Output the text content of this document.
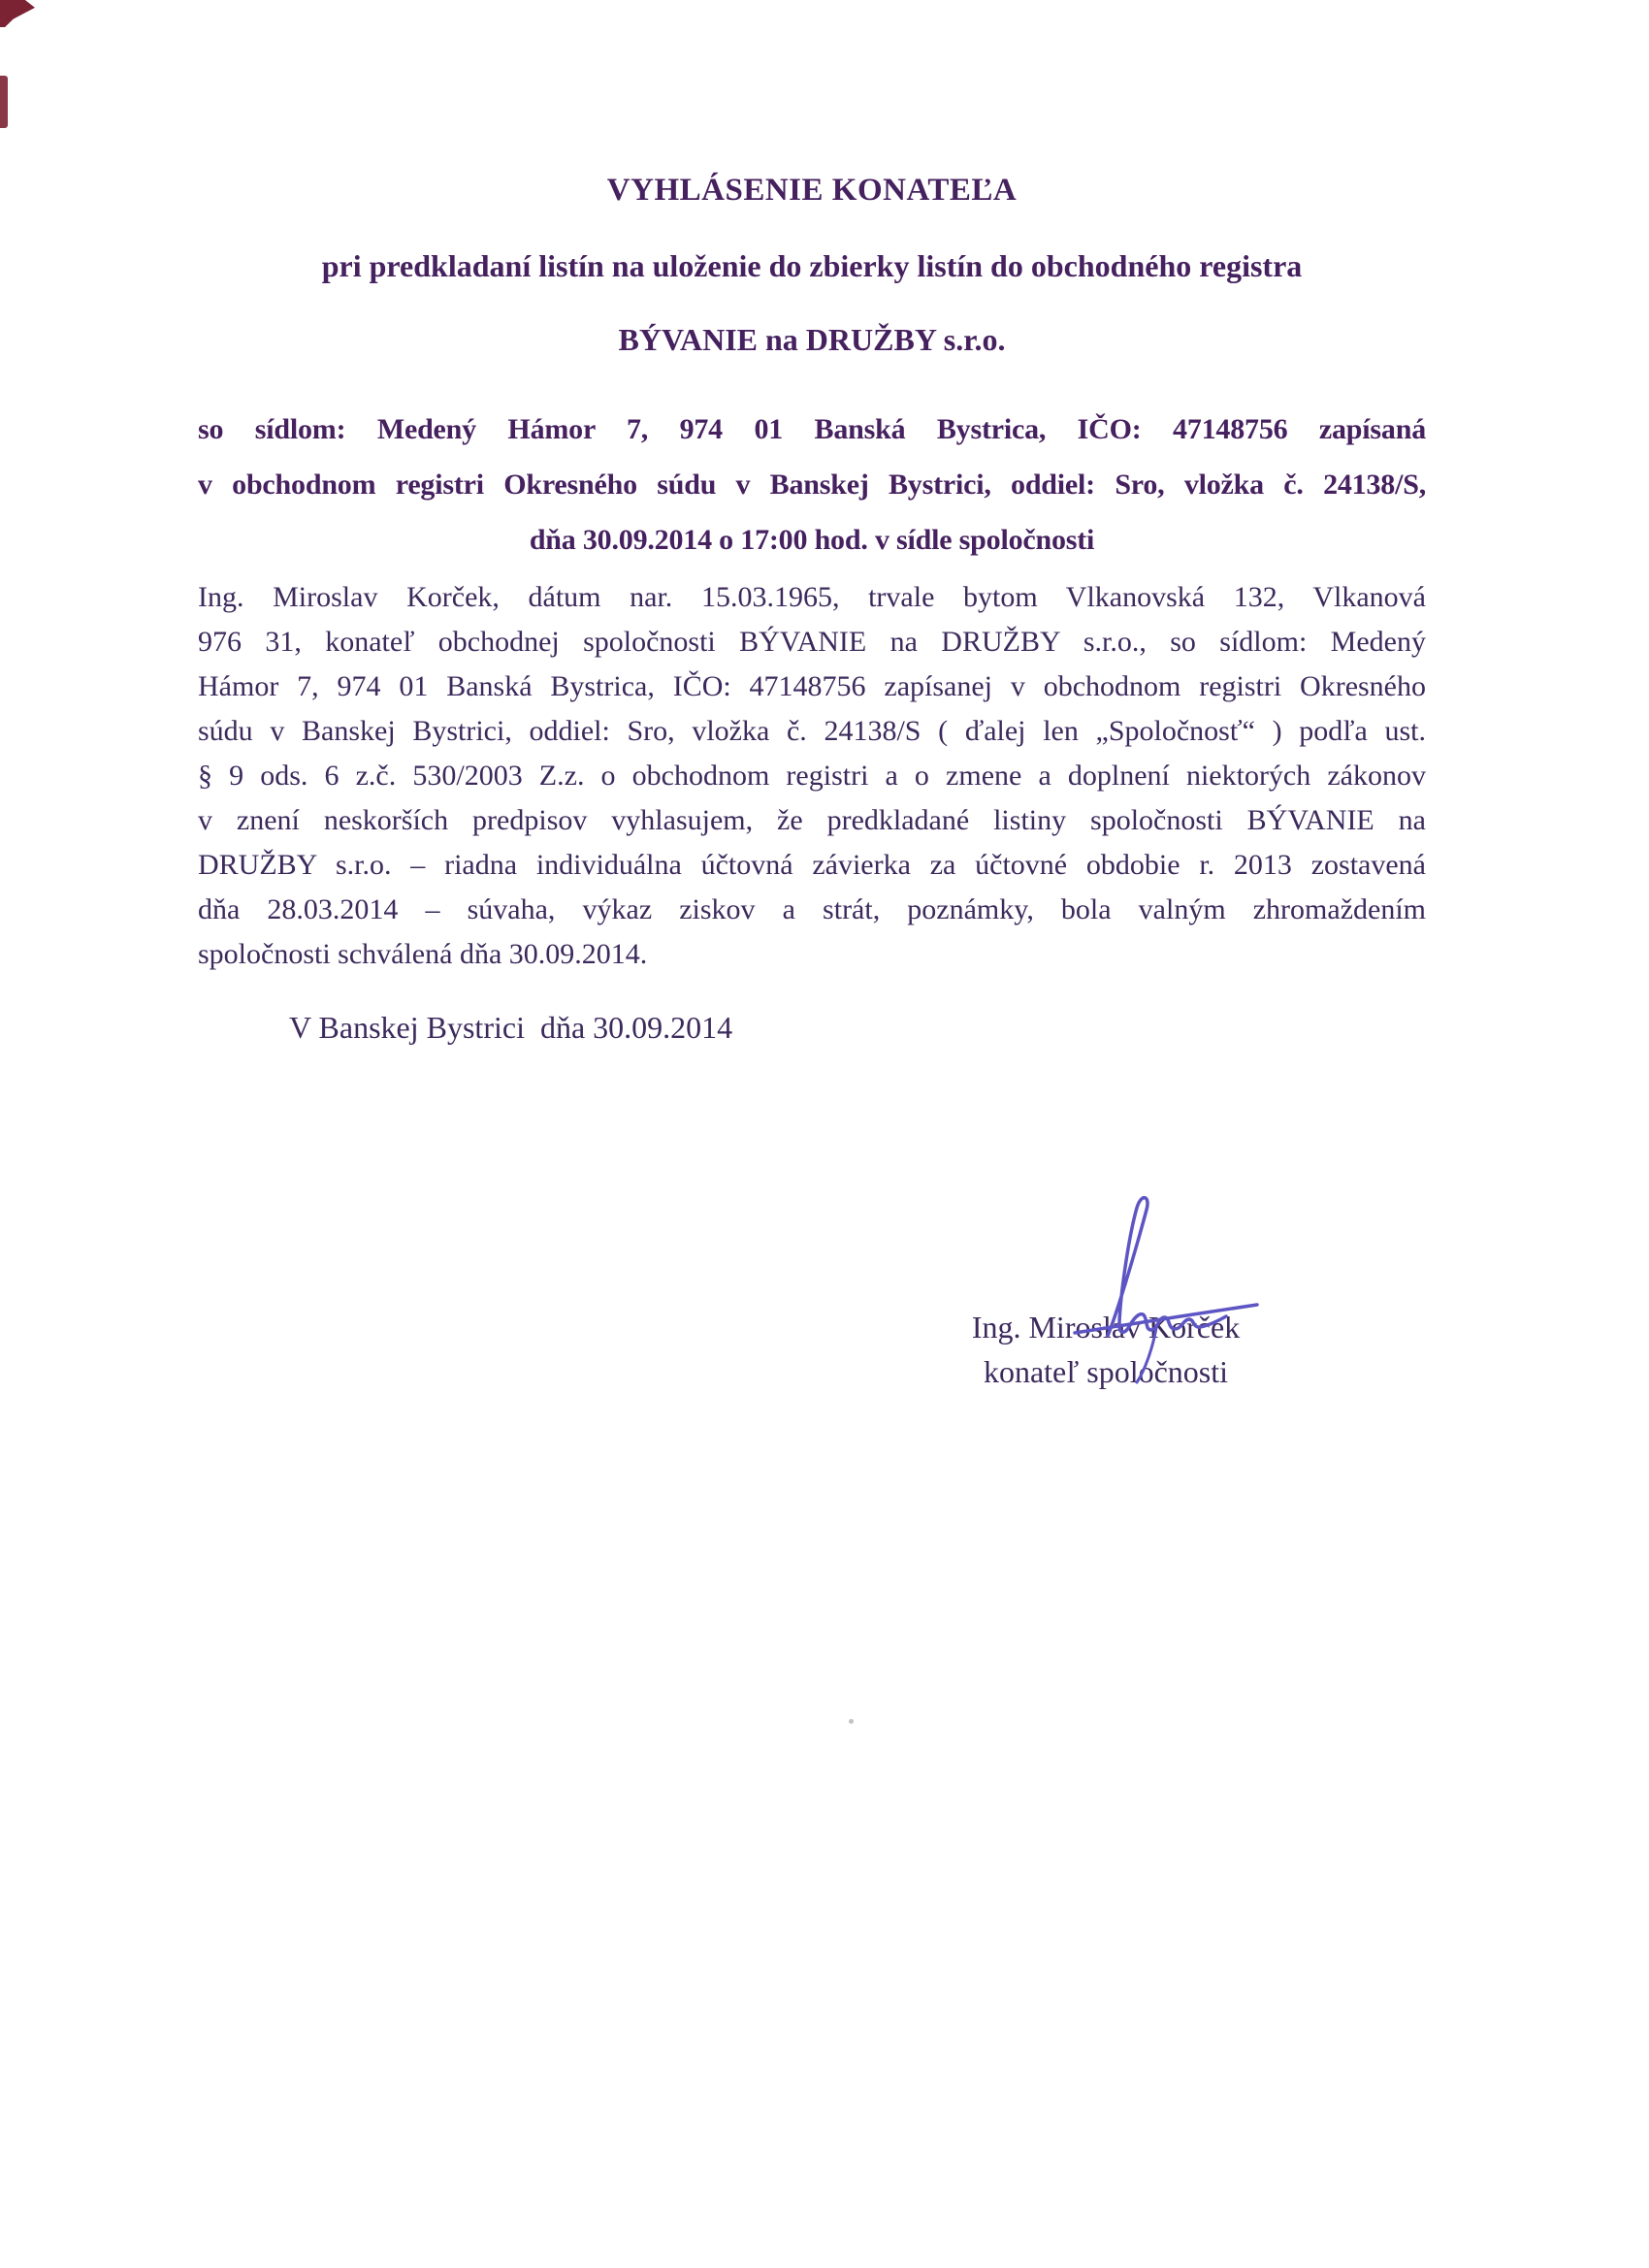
VYHLÁSENIE KONATEĽA
pri predkladaní listín na uloženie do zbierky listín do obchodného registra
BÝVANIE na DRUŽBY s.r.o.
so sídlom: Medený Hámor 7, 974 01 Banská Bystrica, IČO: 47148756 zapísaná
v obchodnom registri Okresného súdu v Banskej Bystrici, oddiel: Sro, vložka č. 24138/S,
dňa 30.09.2014 o 17:00 hod. v sídle spoločnosti
Ing. Miroslav Korček, dátum nar. 15.03.1965, trvale bytom Vlkanovská 132, Vlkanová
976 31, konateľ obchodnej spoločnosti BÝVANIE na DRUŽBY s.r.o., so sídlom: Medený
Hámor 7, 974 01 Banská Bystrica, IČO: 47148756 zapísanej v obchodnom registri Okresného
súdu v Banskej Bystrici, oddiel: Sro, vložka č. 24138/S ( ďalej len „Spoločnosť“ ) podľa ust.
§ 9 ods. 6 z.č. 530/2003 Z.z. o obchodnom registri a o zmene a doplnení niektorých zákonov
v znení neskorších predpisov vyhlasujem, že predkladané listiny spoločnosti BÝVANIE na
DRUŽBY s.r.o. – riadna individuálna účtovná závierka za účtovné obdobie r. 2013 zostavená
dňa 28.03.2014 – súvaha, výkaz ziskov a strát, poznámky, bola valným zhromaždením
spoločnosti schválená dňa 30.09.2014.
V Banskej Bystrici  dňa 30.09.2014
Ing. Miroslav Korček
konateľ spoločnosti
